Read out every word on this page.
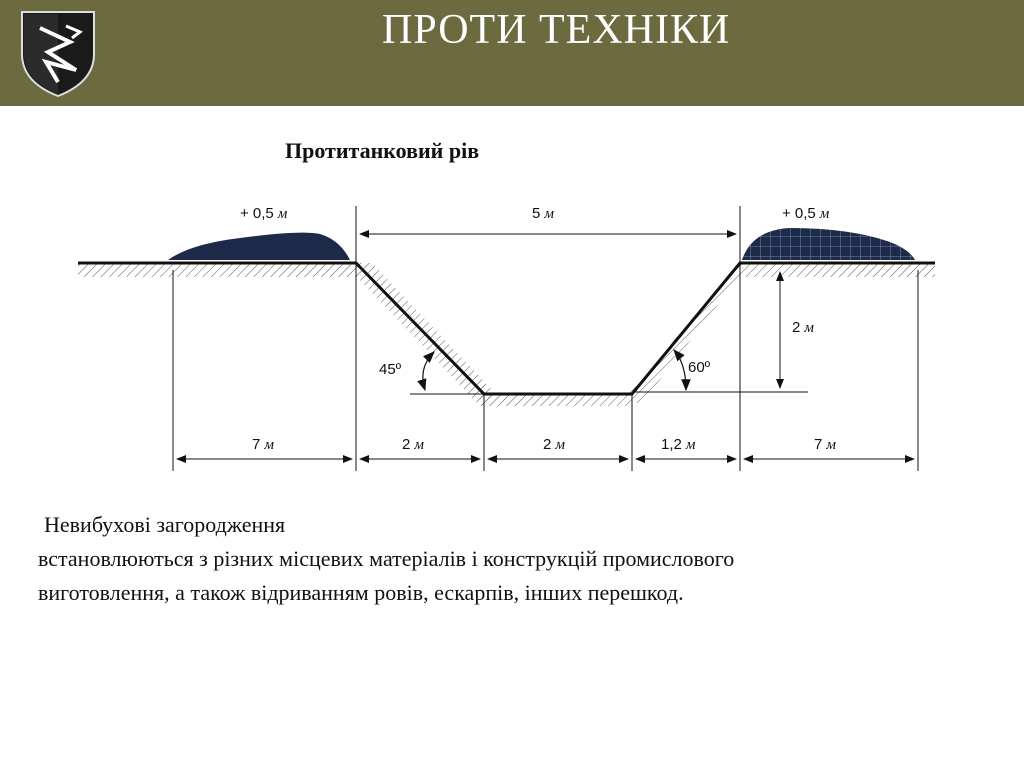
ПРОТИ ТЕХНІКИ
Протитанковий рів
+ 0,5 м	5 м	+ 0,5 м
2 м
45º	60º
7 м	2 м	2 м	1,2 м	7 м
Невибухові загородження
встановлюються з різних місцевих матеріалів і конструкцій промислового
виготовлення, а також відриванням ровів, ескарпів, інших перешкод.
